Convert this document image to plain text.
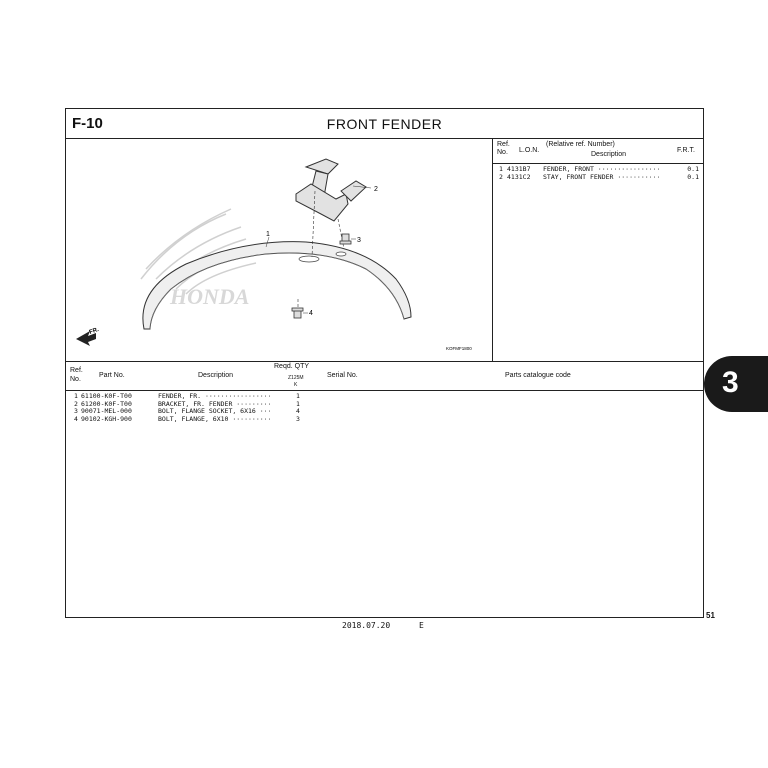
F-10	FRONT FENDER
HONDA
2
3
4
1
FR.
KOFMF1800
Ref.
No.	L.O.N.
(Relative ref. Number)
Description
F.R.T.
1 4131B7	FENDER, FRONT ················	0.1
2 4131C2	STAY, FRONT FENDER ···········	0.1
Ref.
No.
Part No.	Description
Reqd. QTY
Z125M
K
Serial No.	Parts catalogue code
1 61100-K0F-T00	FENDER, FR. ·················	1
2 61200-K0F-T00	BRACKET, FR. FENDER ·········	1
3 90071-MEL-000	BOLT, FLANGE SOCKET, 6X16 ···	4
4 90102-KGH-900	BOLT, FLANGE, 6X10 ··········	3
51
2018.07.20	E
3
